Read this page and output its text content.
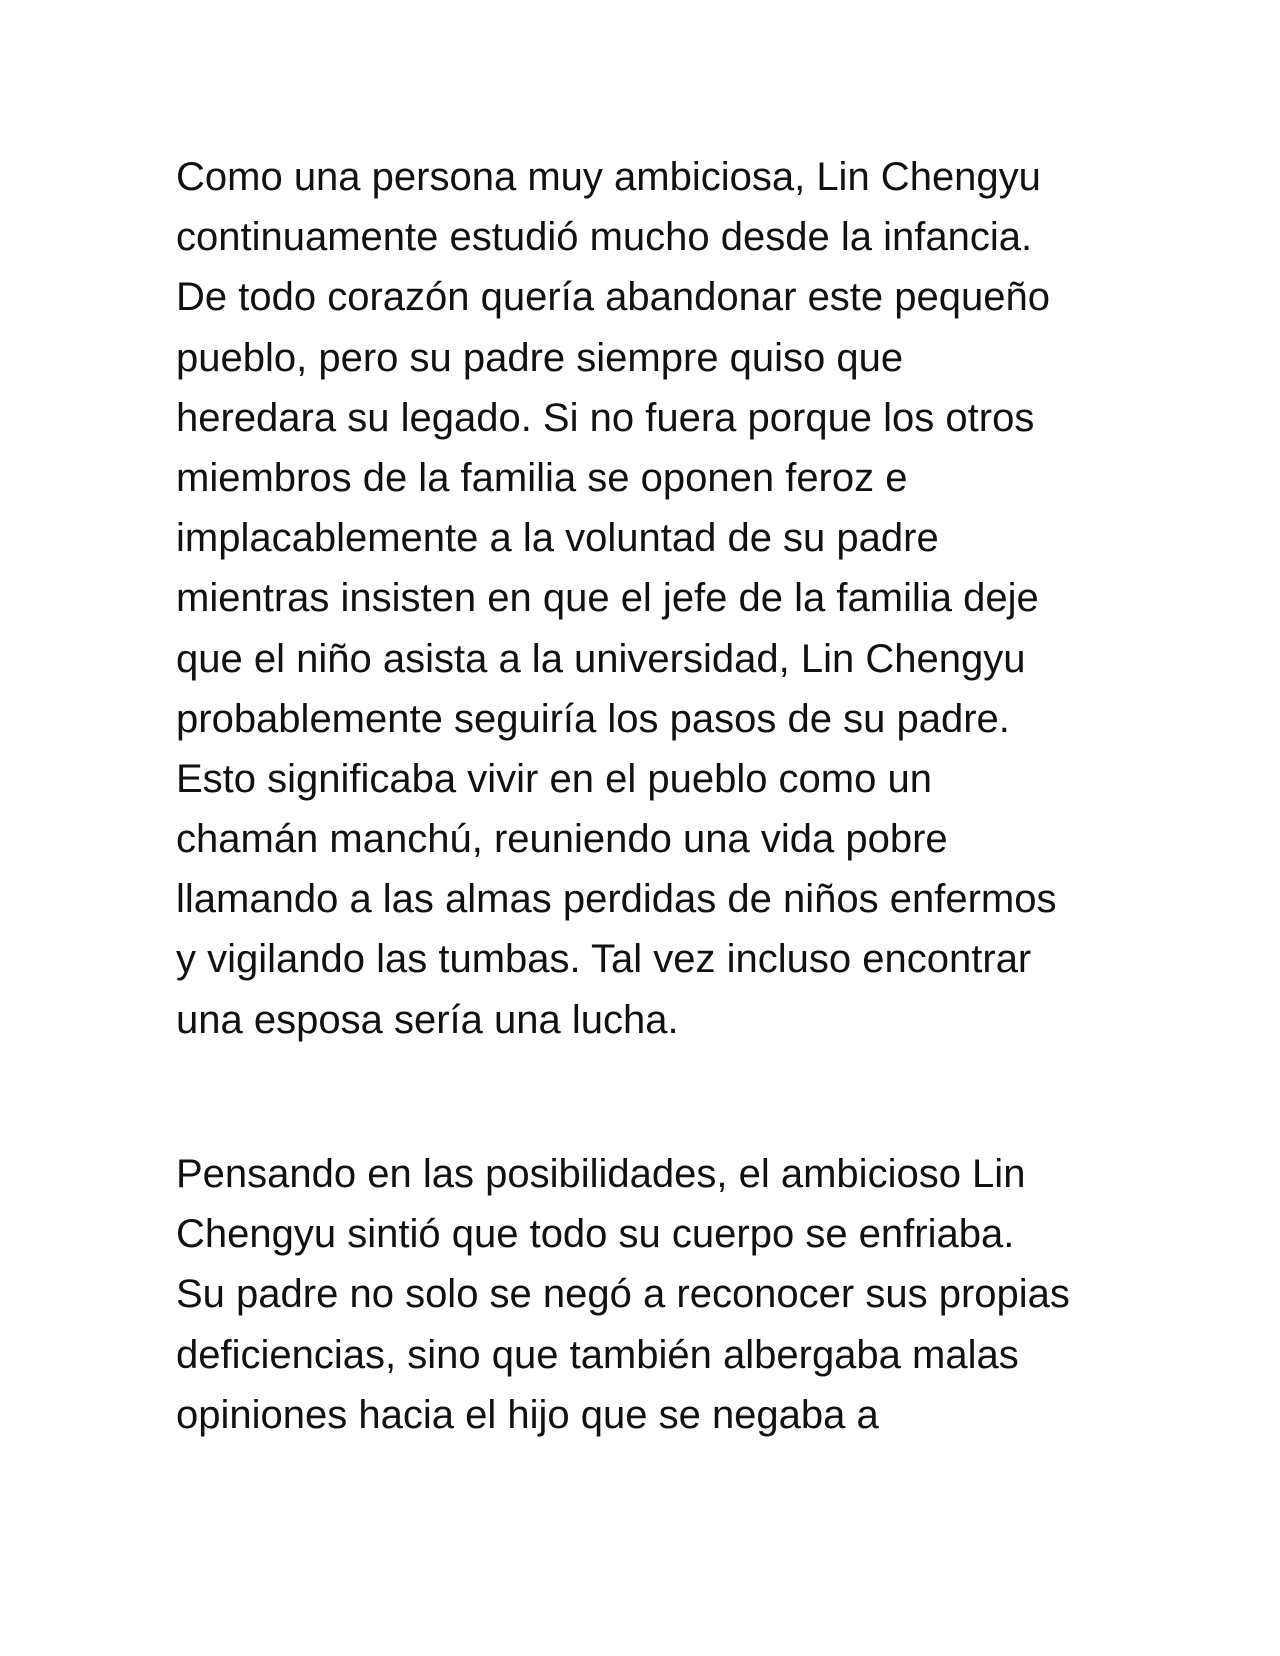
Como una persona muy ambiciosa, Lin Chengyu
continuamente estudió mucho desde la infancia.
De todo corazón quería abandonar este pequeño
pueblo, pero su padre siempre quiso que
heredara su legado. Si no fuera porque los otros
miembros de la familia se oponen feroz e
implacablemente a la voluntad de su padre
mientras insisten en que el jefe de la familia deje
que el niño asista a la universidad, Lin Chengyu
probablemente seguiría los pasos de su padre.
Esto significaba vivir en el pueblo como un
chamán manchú, reuniendo una vida pobre
llamando a las almas perdidas de niños enfermos
y vigilando las tumbas. Tal vez incluso encontrar
una esposa sería una lucha.
Pensando en las posibilidades, el ambicioso Lin
Chengyu sintió que todo su cuerpo se enfriaba.
Su padre no solo se negó a reconocer sus propias
deficiencias, sino que también albergaba malas
opiniones hacia el hijo que se negaba a
